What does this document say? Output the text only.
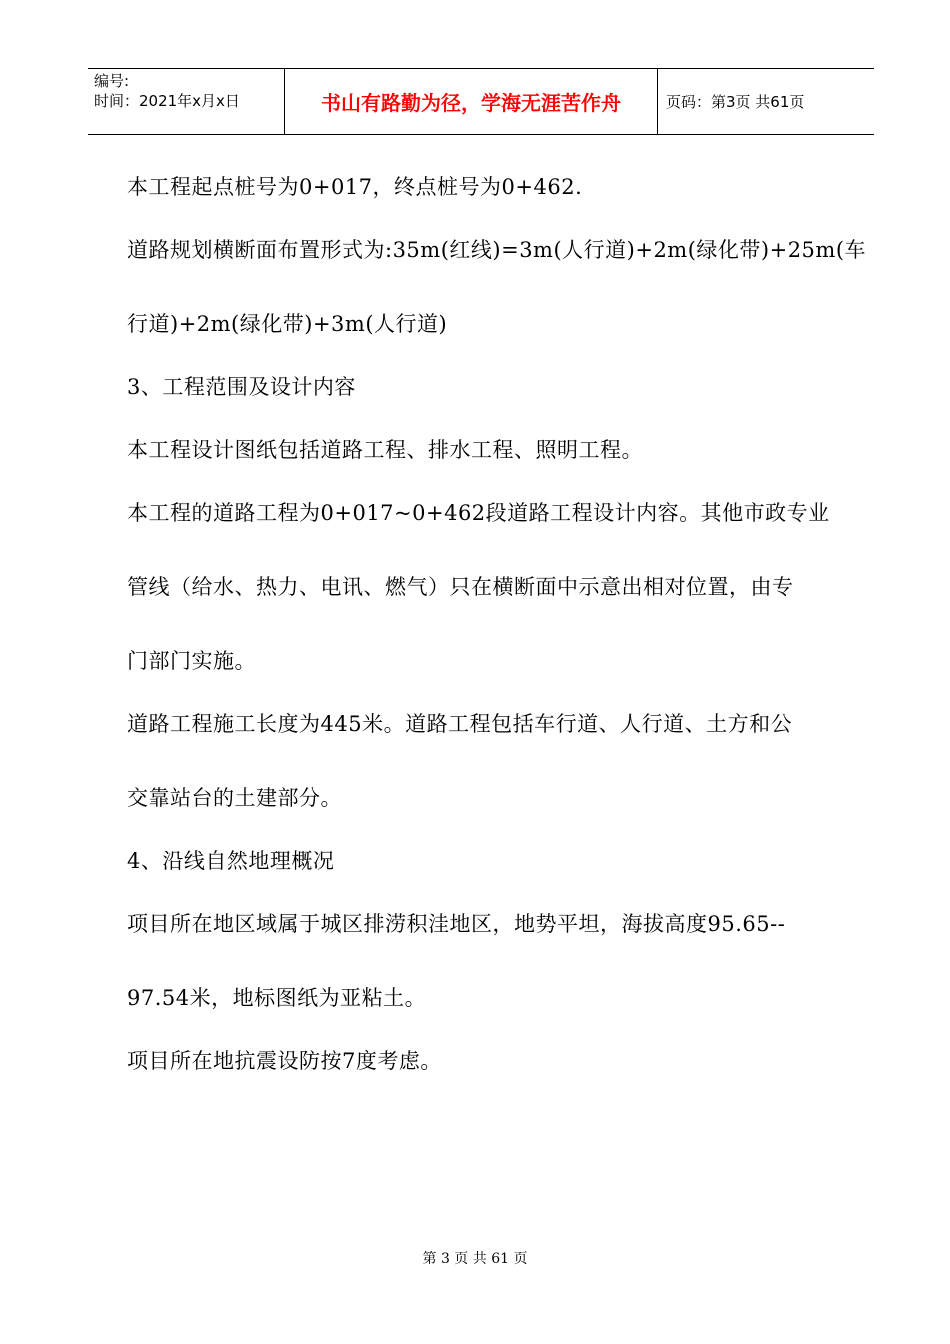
编号:
时间：2021年x月x日	书山有路勤为径，学海无涯苦作舟	页码：第3页 共61页
本工程起点桩号为0+017，终点桩号为0+462.
道路规划横断面布置形式为:35m(红线)=3m(人行道)+2m(绿化带)+25m(车
行道)+2m(绿化带)+3m(人行道)
3、工程范围及设计内容
本工程设计图纸包括道路工程、排水工程、照明工程。
本工程的道路工程为0+017~0+462段道路工程设计内容。其他市政专业
管线（给水、热力、电讯、燃气）只在横断面中示意出相对位置，由专
门部门实施。
道路工程施工长度为445米。道路工程包括车行道、人行道、土方和公
交靠站台的土建部分。
4、沿线自然地理概况
项目所在地区域属于城区排涝积洼地区，地势平坦，海拔高度95.65--
97.54米，地标图纸为亚粘土。
项目所在地抗震设防按7度考虑。
第 3 页 共 61 页
